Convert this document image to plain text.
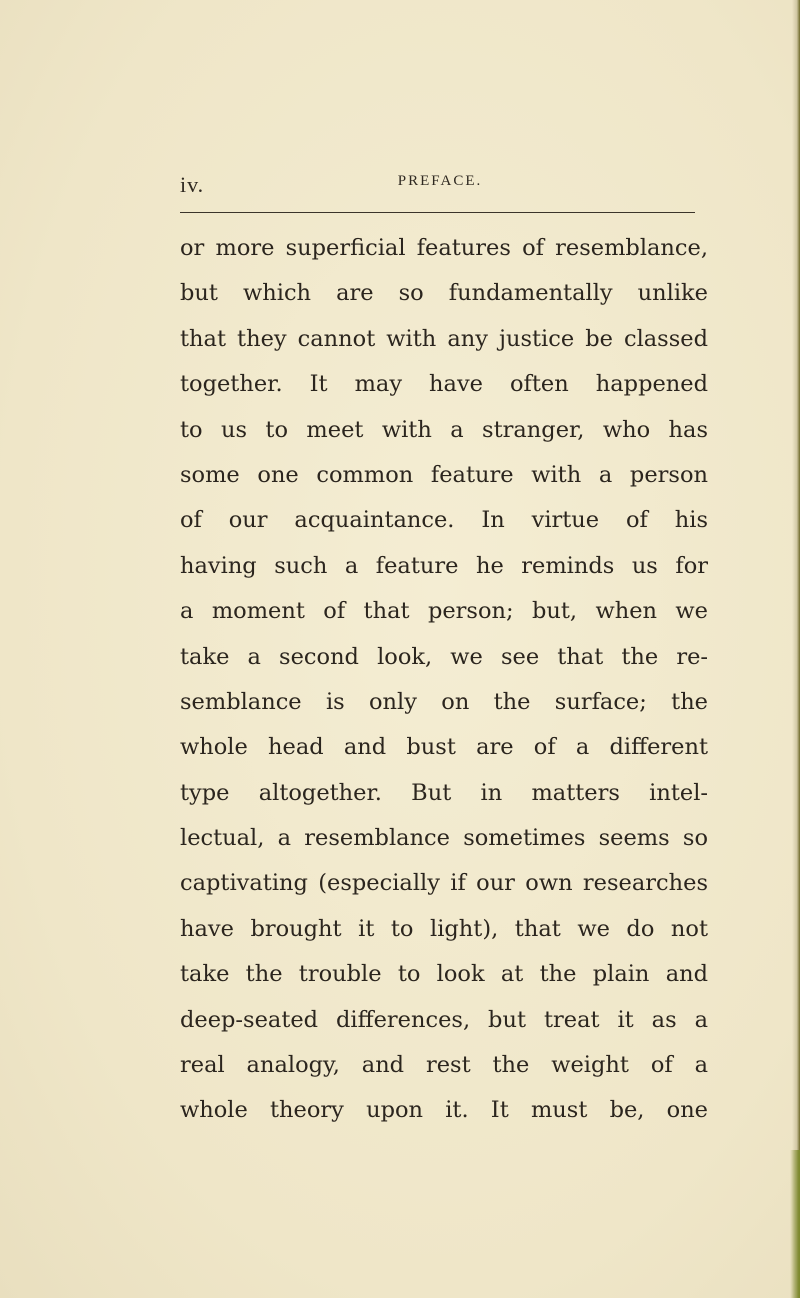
iv.	PREFACE.
or more superficial features of resemblance,
but which are so fundamentally unlike
that they cannot with any justice be classed
together. It may have often happened
to us to meet with a stranger, who has
some one common feature with a person
of our acquaintance. In virtue of his
having such a feature he reminds us for
a moment of that person; but, when we
take a second look, we see that the re-
semblance is only on the surface; the
whole head and bust are of a different
type altogether. But in matters intel-
lectual, a resemblance sometimes seems so
captivating (especially if our own researches
have brought it to light), that we do not
take the trouble to look at the plain and
deep-seated differences, but treat it as a
real analogy, and rest the weight of a
whole theory upon it. It must be, one
